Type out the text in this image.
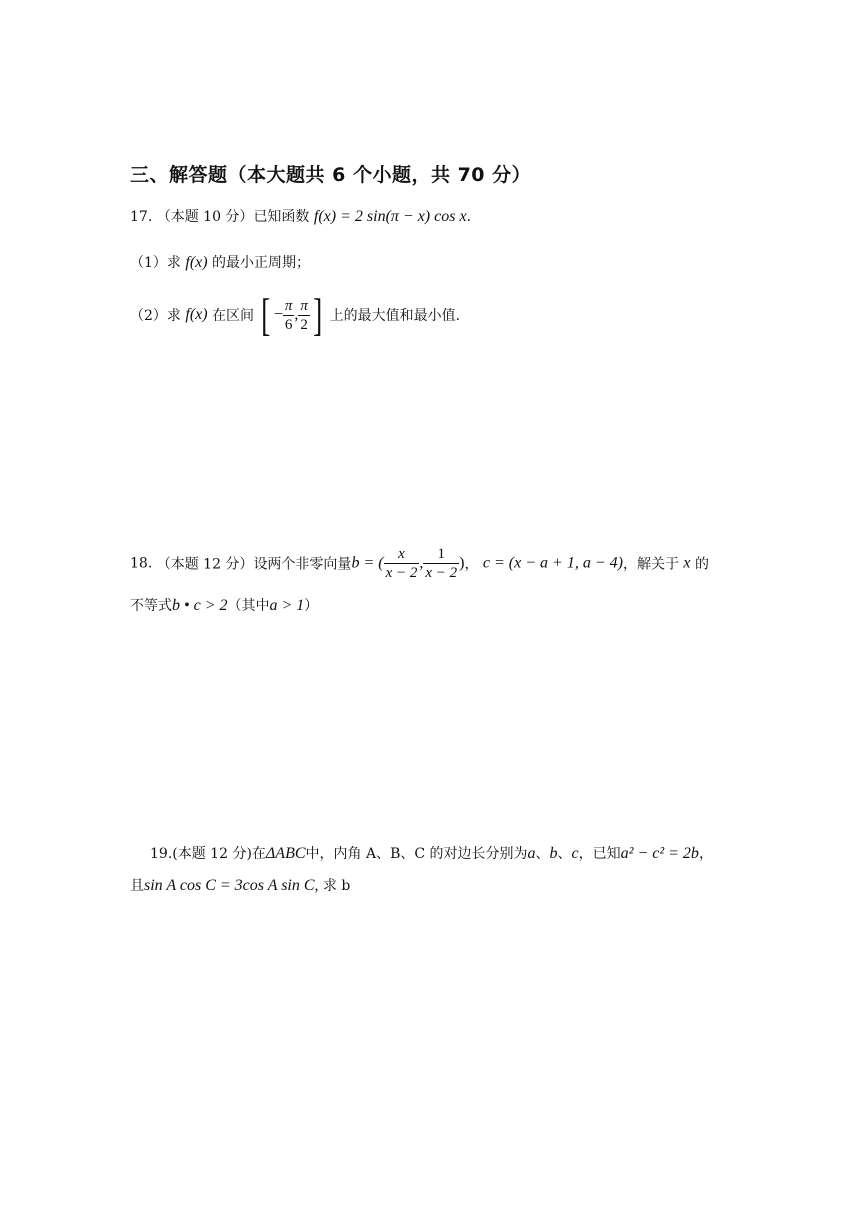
三、解答题（本大题共 6 个小题，共 70 分）
17. （本题 10 分）已知函数 f(x) = 2 sin(π − x) cos x.
（1）求 f(x) 的最小正周期；
（2）求 f(x) 在区间 [ − $\frac{\pi}{6}$ , $\frac{\pi}{2}$ ] 上的最大值和最小值.
18. （本题 12 分）设两个非零向量b = ( $\frac{x}{x - 2}$ , $\frac{1}{x - 2}$ )， c = (x − a + 1, a − 4)，解关于 x 的
不等式b • c > 2（其中a > 1）
19.(本题 12 分)在ΔABC中，内角 A、B、C 的对边长分别为a、b、c，已知a² − c² = 2b，
且sin A cos C = 3cos A sin C, 求 b
